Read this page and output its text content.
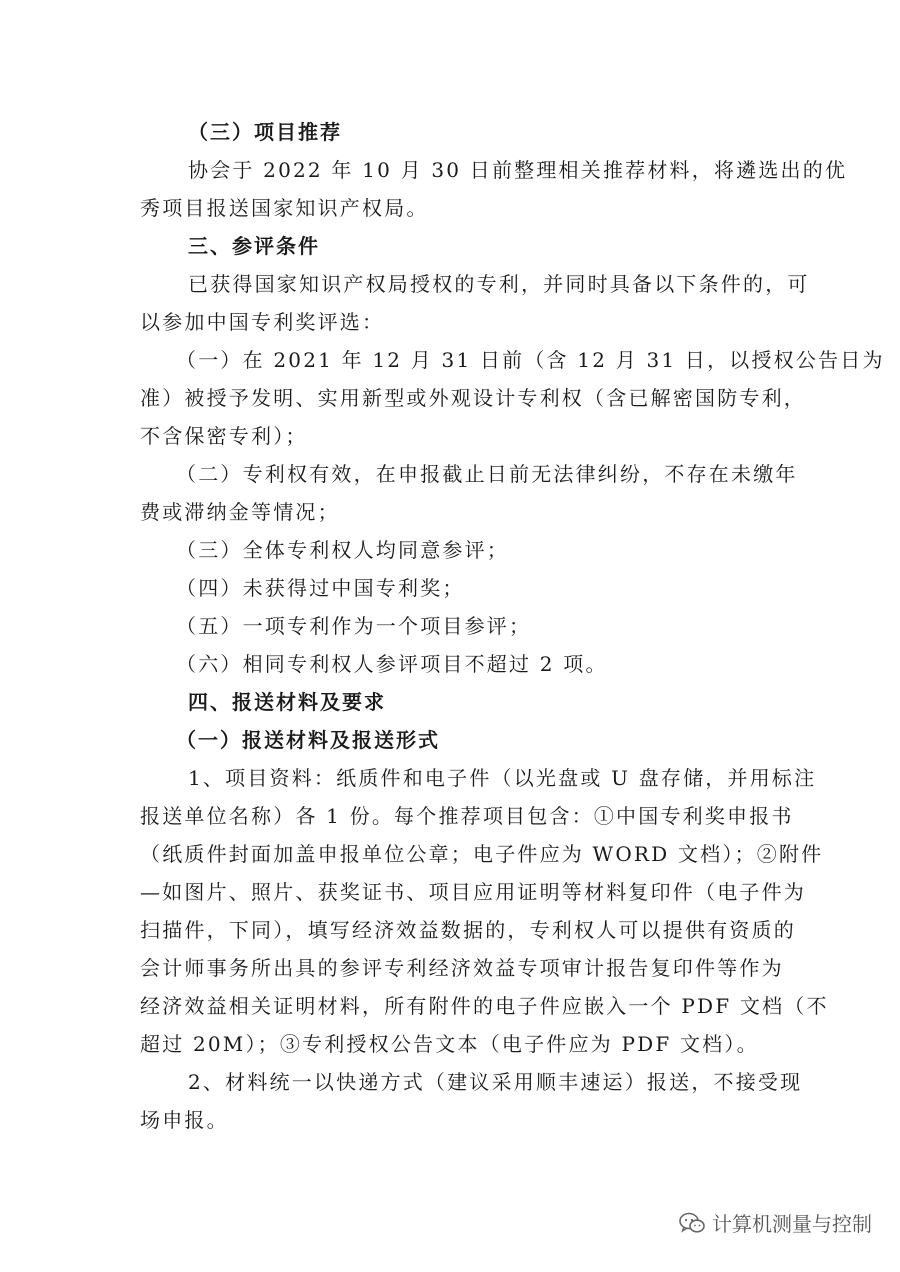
（三）项目推荐
协会于 2022 年 10 月 30 日前整理相关推荐材料，将遴选出的优
秀项目报送国家知识产权局。
三、参评条件
已获得国家知识产权局授权的专利，并同时具备以下条件的，可
以参加中国专利奖评选：
（一）在 2021 年 12 月 31 日前（含 12 月 31 日，以授权公告日为
准）被授予发明、实用新型或外观设计专利权（含已解密国防专利，
不含保密专利）；
（二）专利权有效，在申报截止日前无法律纠纷，不存在未缴年
费或滞纳金等情况；
（三）全体专利权人均同意参评；
（四）未获得过中国专利奖；
（五）一项专利作为一个项目参评；
（六）相同专利权人参评项目不超过 2 项。
四、报送材料及要求
（一）报送材料及报送形式
1、项目资料：纸质件和电子件（以光盘或 U 盘存储，并用标注
报送单位名称）各 1 份。每个推荐项目包含：①中国专利奖申报书
（纸质件封面加盖申报单位公章；电子件应为 WORD 文档）；②附件
—如图片、照片、获奖证书、项目应用证明等材料复印件（电子件为
扫描件，下同），填写经济效益数据的，专利权人可以提供有资质的
会计师事务所出具的参评专利经济效益专项审计报告复印件等作为
经济效益相关证明材料，所有附件的电子件应嵌入一个 PDF 文档（不
超过 20M）；③专利授权公告文本（电子件应为 PDF 文档）。
2、材料统一以快递方式（建议采用顺丰速运）报送，不接受现
场申报。
计算机测量与控制
